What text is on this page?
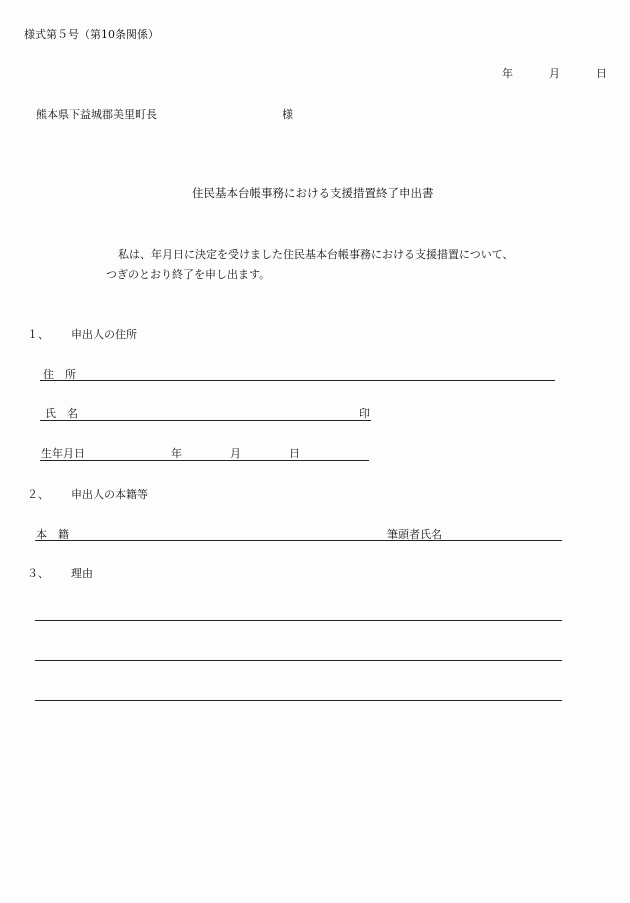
様式第５号（第10条関係）
年	月	日
熊本県下益城郡美里町長	様
住民基本台帳事務における支援措置終了申出書
私は、年月日に決定を受けました住民基本台帳事務における支援措置について、
つぎのとおり終了を申し出ます。
１、 申出人の住所
住　所
氏　名	印
生年月日	年	月	日
２、 申出人の本籍等
本　籍	筆頭者氏名
３、 理由
